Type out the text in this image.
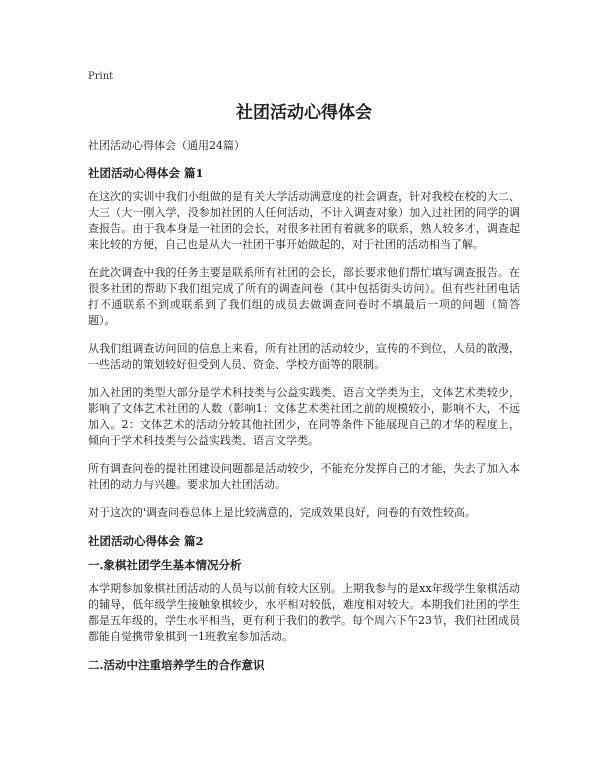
Print
社团活动心得体会
社团活动心得体会（通用24篇）
社团活动心得体会 篇1

在这次的实训中我们小组做的是有关大学活动满意度的社会调查，针对我校在校的大二、大三（大一刚入学，没参加社团的人任何活动，不计入调查对象）加入过社团的同学的调查报告。由于我本身是一社团的会长，对很多社团有着就多的联系，熟人较多才，调查起来比较的方便，自己也是从大一社团干事开始做起的，对于社团的活动相当了解。

在此次调查中我的任务主要是联系所有社团的会长，部长要求他们帮忙填写调查报告。在很多社团的帮助下我们组完成了所有的调查问卷（其中包括街头访问）。但有些社团电话打不通联系不到或联系到了我们组的成员去做调查问卷时不填最后一项的问题（简答题）。

从我们组调查访问回的信息上来看，所有社团的活动较少，宣传的不到位，人员的散漫，一些活动的策划较好但受到人员、资金、学校方面等的限制。

加入社团的类型大部分是学术科技类与公益实践类、语言文学类为主，文体艺术类较少，影响了文体艺术社团的人数（影响1：文体艺术类社团之前的规模较小，影响不大，不远加入。2：文体艺术的活动分较其他社团少，在同等条件下能展现自己的才华的程度上，倾向于学术科技类与公益实践类、语言文学类。

所有调查问卷的提社团建设问题都是活动较少，不能充分发挥自己的才能，失去了加入本社团的动力与兴趣。要求加大社团活动。

对于这次的'调查问卷总体上是比较满意的，完成效果良好，问卷的有效性较高。

社团活动心得体会 篇2
一.象棋社团学生基本情况分析

本学期参加象棋社团活动的人员与以前有较大区别。上期我参与的是xx年级学生象棋活动的辅导，低年级学生接触象棋较少，水平相对较低，难度相对较大。本期我们社团的学生都是五年级的，学生水平相当，更有利于我们的教学。每个周六下午23节，我们社团成员都能自觉携带象棋到一1班教室参加活动。

二.活动中注重培养学生的合作意识
